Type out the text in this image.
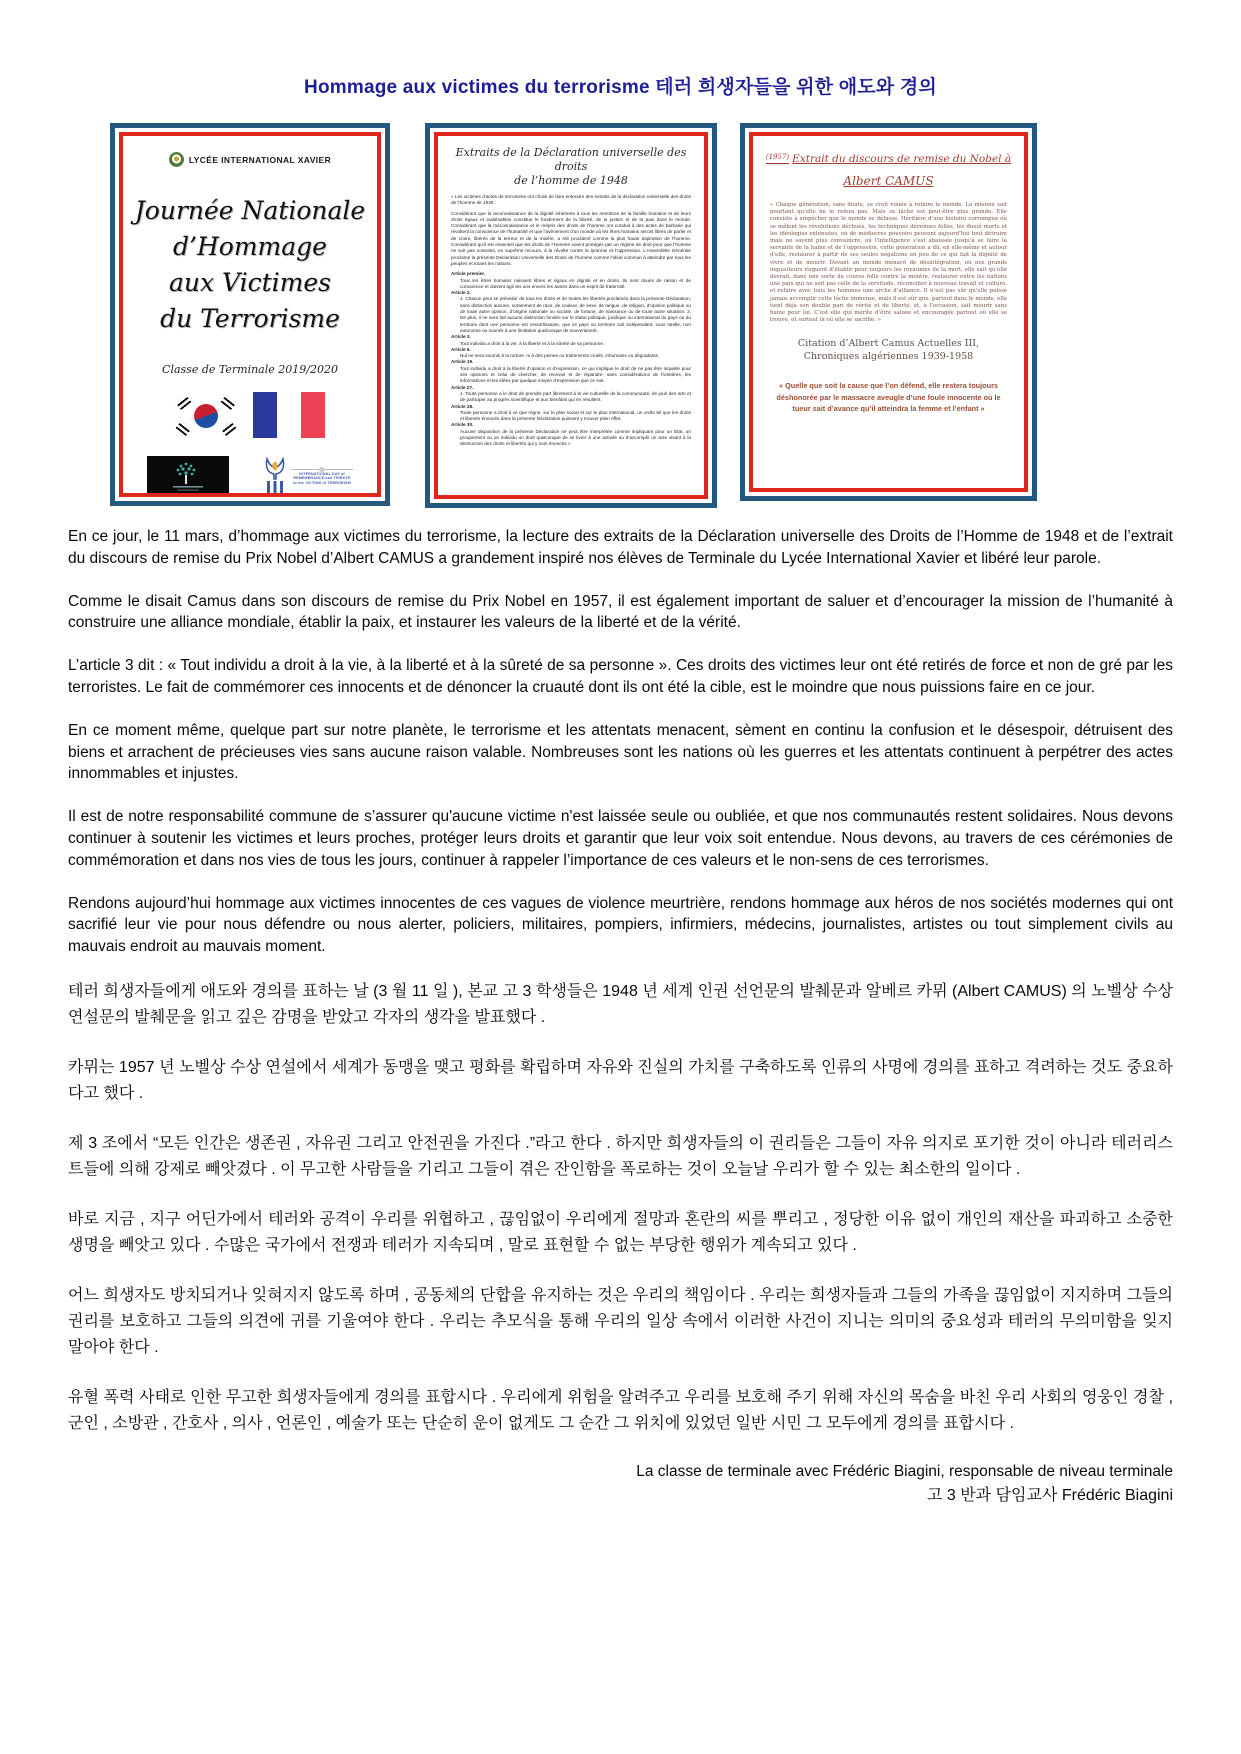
Hommage aux victimes du terrorisme 테러 희생자들을 위한 애도와 경의
LYCÉE INTERNATIONAL XAVIER
Journée Nationale
d’Hommage
aux Victimes
du Terrorisme
Classe de Terminale 2019/2020
INTERNATIONAL DAY of
REMEMBRANCE and TRIBUTE
to the VICTIMS of TERRORISM
Extraits de la Déclaration universelle des droits
de l’homme de 1948
« Les victimes d’actes de terrorisme ont choisi de faire entendre des extraits de la déclaration universelle des droits de l’homme de 1948 :
Considérant que la reconnaissance de la dignité inhérente à tous les membres de la famille humaine et de leurs droits égaux et inaliénables constitue le fondement de la liberté, de la justice et de la paix dans le monde. Considérant que la méconnaissance et le mépris des droits de l’homme ont conduit à des actes de barbarie qui révoltent la conscience de l’humanité et que l’avènement d’un monde où les êtres humains seront libres de parler et de croire, libérés de la terreur et de la misère, a été proclamé comme la plus haute aspiration de l’homme. Considérant qu’il est essentiel que les droits de l’Homme soient protégés par un régime de droit pour que l’homme ne soit pas contraint, en suprême recours, à la révolte contre la tyrannie et l’oppression. L’Assemblée Générale proclame la présente Déclaration Universelle des Droits de l’homme comme l’idéal commun à atteindre par tous les peuples et toutes les nations.
Article premier.
Tous les êtres humains naissent libres et égaux en dignité et en droits. Ils sont doués de raison et de conscience et doivent agir les uns envers les autres dans un esprit de fraternité.
Article 2.
1. Chacun peut se prévaloir de tous les droits et de toutes les libertés proclamés dans la présente Déclaration, sans distinction aucune, notamment de race, de couleur, de sexe, de langue, de religion, d’opinion politique ou de toute autre opinion, d’origine nationale ou sociale, de fortune, de naissance ou de toute autre situation. 2. De plus, il ne sera fait aucune distinction fondée sur le statut politique, juridique ou international du pays ou du territoire dont une personne est ressortissante, que ce pays ou territoire soit indépendant, sous tutelle, non autonome ou soumis à une limitation quelconque de souveraineté.
Article 3.
Tout individu a droit à la vie, à la liberté et à la sûreté de sa personne.
Article 5.
Nul ne sera soumis à la torture, ni à des peines ou traitements cruels, inhumains ou dégradants.
Article 19.
Tout individu a droit à la liberté d’opinion et d’expression, ce qui implique le droit de ne pas être inquiété pour ses opinions et celui de chercher, de recevoir et de répandre, sans considérations de frontières, les informations et les idées par quelque moyen d’expression que ce soit.
Article 27.
1. Toute personne a le droit de prendre part librement à la vie culturelle de la communauté, de jouir des arts et de participer au progrès scientifique et aux bienfaits qui en résultent.
Article 28.
Toute personne a droit à ce que règne, sur le plan social et sur le plan international, un ordre tel que les droits et libertés énoncés dans la présente Déclaration puissent y trouver plein effet.
Article 30.
Aucune disposition de la présente Déclaration ne peut être interprétée comme impliquant pour un État, un groupement ou un individu un droit quelconque de se livrer à une activité ou d’accomplir un acte visant à la destruction des droits et libertés qui y sont énoncés »
$^{(1957)}$ Extrait du discours de remise du Nobel à
Albert CAMUS
« Chaque génération, sans doute, se croit vouée à refaire le monde. La mienne sait pourtant qu’elle ne le refera pas. Mais sa tâche est peut-être plus grande. Elle consiste à empêcher que le monde se défasse. Héritière d’une histoire corrompue où se mêlent les révolutions déchues, les techniques devenues folles, les dieux morts et les idéologies exténuées, où de médiocres pouvoirs peuvent aujourd’hui tout détruire mais ne savent plus convaincre, où l’intelligence s’est abaissée jusqu’à se faire la servante de la haine et de l’oppression, cette génération a dû, en elle-même et autour d’elle, restaurer à partir de ses seules négations un peu de ce qui fait la dignité de vivre et de mourir. Devant un monde menacé de désintégration, où nos grands inquisiteurs risquent d’établir pour toujours les royaumes de la mort, elle sait qu’elle devrait, dans une sorte de course folle contre la montre, restaurer entre les nations une paix qui ne soit pas celle de la servitude, réconcilier à nouveau travail et culture, et refaire avec tous les hommes une arche d’alliance. Il n’est pas sûr qu’elle puisse jamais accomplir cette tâche immense, mais il est sûr que, partout dans le monde, elle tient déjà son double pari de vérité et de liberté, et, à l’occasion, sait mourir sans haine pour lui. C’est elle qui mérite d’être saluée et encouragée partout où elle se trouve, et surtout là où elle se sacrifie. »
Citation d’Albert Camus Actuelles III,
Chroniques algériennes 1939-1958
« Quelle que soit la cause que l’on défend, elle restera toujours déshonorée par le massacre aveugle d’une foule innocente où le tueur sait d’avance qu’il atteindra la femme et l’enfant »

En ce jour, le 11 mars, d’hommage aux victimes du terrorisme, la lecture des extraits de la Déclaration universelle des Droits de l’Homme de 1948 et de l’extrait du discours de remise du Prix Nobel d’Albert CAMUS a grandement inspiré nos élèves de Terminale du Lycée International Xavier et libéré leur parole.

Comme le disait Camus dans son discours de remise du Prix Nobel en 1957, il est également important de saluer et d’encourager la mission de l’humanité à construire une alliance mondiale, établir la paix, et instaurer les valeurs de la liberté et de la vérité.

L’article 3 dit : « Tout individu a droit à la vie, à la liberté et à la sûreté de sa personne ». Ces droits des victimes leur ont été retirés de force et non de gré par les terroristes. Le fait de commémorer ces innocents et de dénoncer la cruauté dont ils ont été la cible, est le moindre que nous puissions faire en ce jour.

En ce moment même, quelque part sur notre planète, le terrorisme et les attentats menacent, sèment en continu la confusion et le désespoir, détruisent des biens et arrachent de précieuses vies sans aucune raison valable. Nombreuses sont les nations où les guerres et les attentats continuent à perpétrer des actes innommables et injustes.

Il est de notre responsabilité commune de s’assurer qu'aucune victime n'est laissée seule ou oubliée, et que nos communautés restent solidaires. Nous devons continuer à soutenir les victimes et leurs proches, protéger leurs droits et garantir que leur voix soit entendue. Nous devons, au travers de ces cérémonies de commémoration et dans nos vies de tous les jours, continuer à rappeler l’importance de ces valeurs et le non-sens de ces terrorismes.

Rendons aujourd’hui hommage aux victimes innocentes de ces vagues de violence meurtrière, rendons hommage aux héros de nos sociétés modernes qui ont sacrifié leur vie pour nous défendre ou nous alerter, policiers, militaires, pompiers, infirmiers, médecins, journalistes, artistes ou tout simplement civils au mauvais endroit au mauvais moment.

테러 희생자들에게 애도와 경의를 표하는 날 (3 월 11 일 ), 본교 고 3 학생들은 1948 년 세계 인권 선언문의 발췌문과 알베르 카뮈 (Albert CAMUS) 의 노벨상 수상 연설문의 발췌문을 읽고 깊은 감명을 받았고 각자의 생각을 발표했다 .

카뮈는 1957 년 노벨상 수상 연설에서 세계가 동맹을 맺고 평화를 확립하며 자유와 진실의 가치를 구축하도록 인류의 사명에 경의를 표하고 격려하는 것도 중요하다고 했다 .

제 3 조에서 “모든 인간은 생존권 , 자유권 그리고 안전권을 가진다 .”라고 한다 . 하지만 희생자들의 이 권리들은 그들이 자유 의지로 포기한 것이 아니라 테러리스트들에 의해 강제로 빼앗겼다 . 이 무고한 사람들을 기리고 그들이 겪은 잔인함을 폭로하는 것이 오늘날 우리가 할 수 있는 최소한의 일이다 .

바로 지금 , 지구 어딘가에서 테러와 공격이 우리를 위협하고 , 끊임없이 우리에게 절망과 혼란의 씨를 뿌리고 , 정당한 이유 없이 개인의 재산을 파괴하고 소중한 생명을 빼앗고 있다 . 수많은 국가에서 전쟁과 테러가 지속되며 , 말로 표현할 수 없는 부당한 행위가 계속되고 있다 .

어느 희생자도 방치되거나 잊혀지지 않도록 하며 , 공동체의 단합을 유지하는 것은 우리의 책임이다 . 우리는 희생자들과 그들의 가족을 끊임없이 지지하며 그들의 권리를 보호하고 그들의 의견에 귀를 기울여야 한다 . 우리는 추모식을 통해 우리의 일상 속에서 이러한 사건이 지니는 의미의 중요성과 테러의 무의미함을 잊지 말아야 한다 .

유혈 폭력 사태로 인한 무고한 희생자들에게 경의를 표합시다 . 우리에게 위험을 알려주고 우리를 보호해 주기 위해 자신의 목숨을 바친 우리 사회의 영웅인 경찰 , 군인 , 소방관 , 간호사 , 의사 , 언론인 , 예술가 또는 단순히 운이 없게도 그 순간 그 위치에 있었던 일반 시민 그 모두에게 경의를 표합시다 .

La classe de terminale avec Frédéric Biagini, responsable de niveau terminale
고 3 반과 담임교사 Frédéric Biagini
